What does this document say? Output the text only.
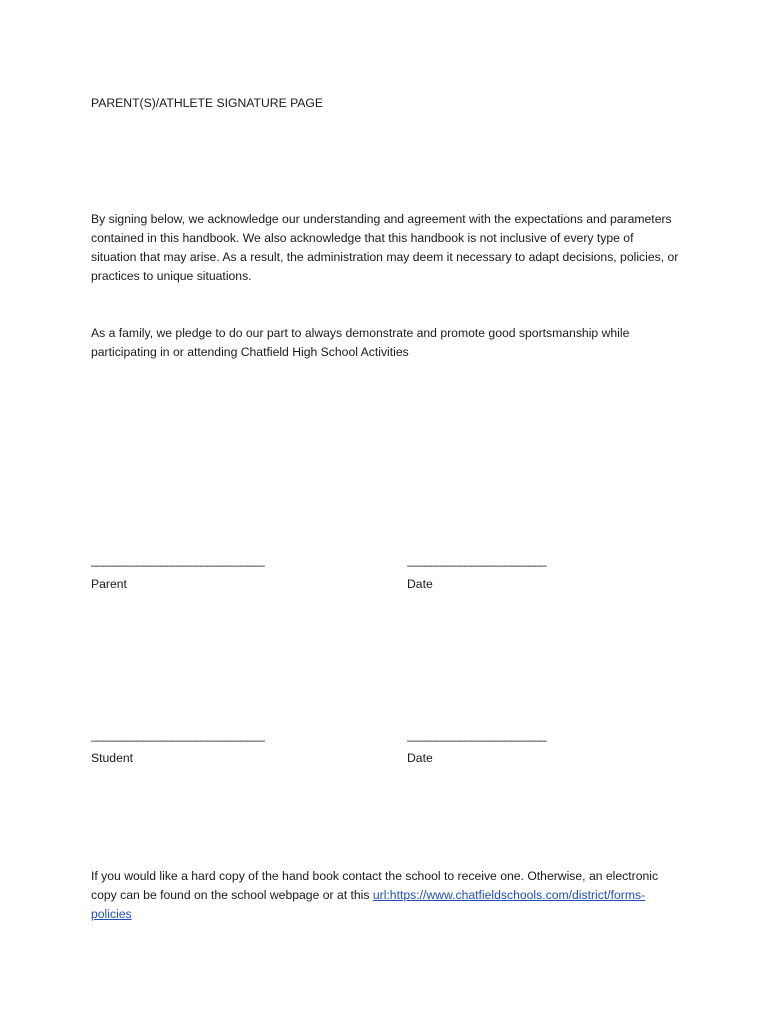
PARENT(S)/ATHLETE SIGNATURE PAGE

By signing below, we acknowledge our understanding and agreement with the expectations and parameters contained in this handbook. We also acknowledge that this handbook is not inclusive of every type of situation that may arise. As a result, the administration may deem it necessary to adapt decisions, policies, or practices to unique situations.

As a family, we pledge to do our part to always demonstrate and promote good sportsmanship while participating in or attending Chatfield High School Activities

______________________________	________________________
Parent	Date
______________________________	________________________
Student	Date

If you would like a hard copy of the hand book contact the school to receive one. Otherwise, an electronic copy can be found on the school webpage or at this url:https://www.chatfieldschools.com/district/forms-policies
